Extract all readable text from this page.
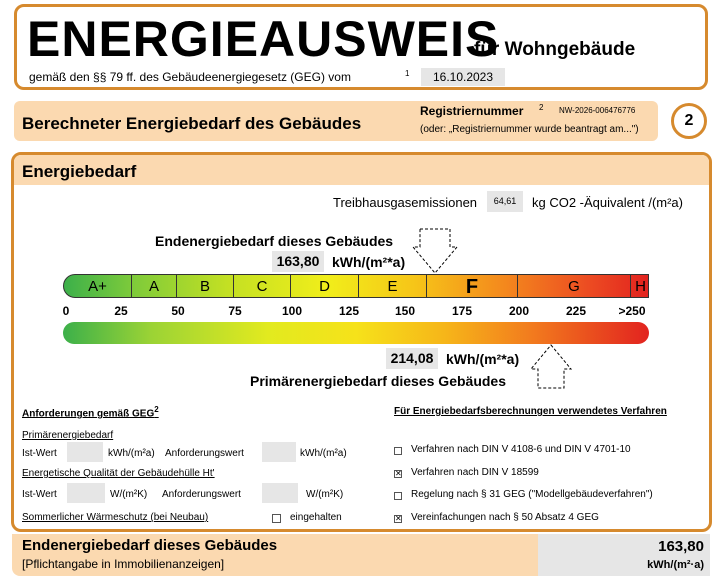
ENERGIEAUSWEIS
für Wohngebäude
gemäß den §§ 79 ff. des Gebäudeenergiegesetz (GEG) vom	1	16.10.2023
Berechneter Energiebedarf des Gebäudes
Registriernummer 2 NW-2026-006476776
(oder: „Registriernummer wurde beantragt am...")
2
Energiebedarf
Treibhausgasemissionen	64,61	kg CO2 -Äquivalent /(m²a)
Endenergiebedarf dieses Gebäudes
163,80 kWh/(m²*a)
A+	A	B	C	D	E	F	G	H
0	25	50	75	100	125	150	175	200	225	>250
214,08 kWh/(m²*a)
Primärenergiebedarf dieses Gebäudes
Anforderungen gemäß GEG$^2$
Primärenergiebedarf
Ist-Wert	kWh/(m²a) Anforderungswert	kWh/(m²a)
Energetische Qualität der Gebäudehülle Ht'
Ist-Wert	W/(m²K) Anforderungswert	W/(m²K)
Sommerlicher Wärmeschutz (bei Neubau)	eingehalten
Für Energiebedarfsberechnungen verwendetes Verfahren
Verfahren nach DIN V 4108-6 und DIN V 4701-10
✕ Verfahren nach DIN V 18599
Regelung nach § 31 GEG ("Modellgebäudeverfahren")
✕ Vereinfachungen nach § 50 Absatz 4 GEG
Endenergiebedarf dieses Gebäudes
[Pflichtangabe in Immobilienanzeigen]
163,80
kWh/(m²·a)
